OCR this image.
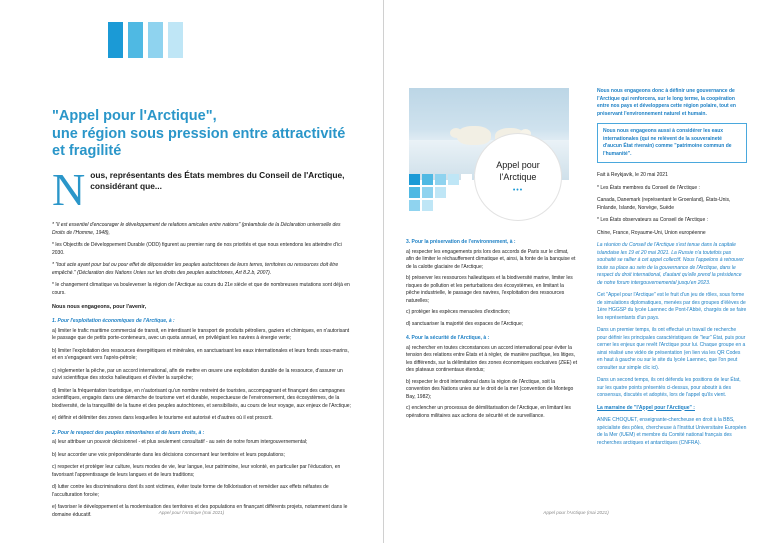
"Appel pour l'Arctique",
une région sous pression entre attractivité et fragilité
N ous, représentants des États membres du Conseil de l'Arctique, considérant que...

* "il est essentiel d'encourager le développement de relations amicales entre nations" (préambule de la Déclaration universelle des Droits de l'Homme, 1948),

* les Objectifs de Développement Durable (ODD) figurent au premier rang de nos priorités et que nous entendons les atteindre d'ici 2030.

* "tout acte ayant pour but ou pour effet de déposséder les peuples autochtones de leurs terres, territoires ou ressources doit être empêché." (Déclaration des Nations Unies sur les droits des peuples autochtones, Art 8.2.b, 2007).

* le changement climatique va bouleverser la région de l'Arctique au cours du 21e siècle et que de nombreuses mutations sont déjà en cours.

Nous nous engageons, pour l'avenir,

1. Pour l'exploitation économiques de l'Arctique, à :

a) limiter le trafic maritime commercial de transit, en interdisant le transport de produits pétroliers, gaziers et chimiques, en n'autorisant le passage que de petits porte-conteneurs, avec un quota annuel, en privilégiant les navires à énergie verte;

b) limiter l'exploitation des ressources énergétiques et minérales, en sanctuarisant les eaux internationales et leurs fonds sous-marins, et en s'engageant vers l'après-pétrole;

c) réglementer la pêche, par un accord international, afin de mettre en œuvre une exploitation durable de la ressource, d'assurer un suivi scientifique des stocks halieutiques et d'éviter la surpêche;

d) limiter la fréquentation touristique, en n'autorisant qu'un nombre restreint de touristes, accompagnant et finançant des campagnes scientifiques, engagés dans une démarche de tourisme vert et durable, respectueuse de l'environnement, des écosystèmes, de la biodiversité, de la tranquillité de la faune et des peuples autochtones, et sensibilisés, au cours de leur voyage, aux enjeux de l'Arctique;

e) définir et délimiter des zones dans lesquelles le tourisme est autorisé et d'autres où il est proscrit.

2. Pour le respect des peuples minoritaires et de leurs droits, à :

a) leur attribuer un pouvoir décisionnel - et plus seulement consultatif - au sein de notre forum intergouvernemental;

b) leur accorder une voix prépondérante dans les décisions concernant leur territoire et leurs populations;

c) respecter et protéger leur culture, leurs modes de vie, leur langue, leur patrimoine, leur volonté, en particulier par l'éducation, en favorisant l'apprentissage de leurs langues et de leurs traditions;

d) lutter contre les discriminations dont ils sont victimes, éviter toute forme de folklorisation et remédier aux effets néfastes de l'acculturation forcée;

e) favoriser le développement et la modernisation des territoires et des populations en finançant différents projets, notamment dans le domaine éducatif.	Appel pour l'Arctique (mai 2021)
Appel pour
l'Arctique
•••

3. Pour la préservation de l'environnement, à :

a) respecter les engagements pris lors des accords de Paris sur le climat, afin de limiter le réchauffement climatique et, ainsi, la fonte de la banquise et de la calotte glaciaire de l'Arctique;

b) préserver les ressources halieutiques et la biodiversité marine, limiter les risques de pollution et les perturbations des écosystèmes, en limitant la pêche industrielle, le passage des navires, l'exploitation des ressources naturelles;

c) protéger les espèces menacées d'extinction;

d) sanctuariser la majorité des espaces de l'Arctique;

4. Pour la sécurité de l'Arctique, à :

a) rechercher en toutes circonstances un accord international pour éviter la tension des relations entre États et à régler, de manière pacifique, les litiges, les différends, sur la délimitation des zones économiques exclusives (ZEE) et des plateaux continentaux étendus;

b) respecter le droit international dans la région de l'Arctique, soit la convention des Nations unies sur le droit de la mer (convention de Montego Bay, 1982);

c) enclencher un processus de démilitarisation de l'Arctique, en limitant les opérations militaires aux actions de sécurité et de surveillance.

Nous nous engageons donc à définir une gouvernance de l'Arctique qui renforcera, sur le long terme, la coopération entre nos pays et développera cette région polaire, tout en préservant l'environnement naturel et humain.

Nous nous engageons aussi à considérer les eaux internationales (qui ne relèvent de la souveraineté d'aucun État riverain) comme "patrimoine commun de l'humanité".

Fait à Reykjavik, le 20 mai 2021

* Les États membres du Conseil de l'Arctique :

Canada, Danemark (représentant le Groenland), États-Unis, Finlande, Islande, Norvège, Suède

* Les États observateurs au Conseil de l'Arctique :

Chine, France, Royaume-Uni, Union européenne

La réunion du Conseil de l'Arctique s'est tenue dans la capitale islandaise les 19 et 20 mai 2021. La Russie n'a toutefois pas souhaité se rallier à cet appel collectif. Nous l'appelons à retrouver toute sa place au sein de la gouvernance de l'Arctique, dans le respect du droit international, d'autant qu'elle prend la présidence de notre forum intergouvernemental jusqu'en 2023.

Cet "Appel pour l'Arctique" est le fruit d'un jeu de rôles, sous forme de simulations diplomatiques, menées par des groupes d'élèves de 1ère HGGSP du lycée Laennec de Pont-l'Abbé, chargés de se faire les représentants d'un pays.

Dans un premier temps, ils ont effectué un travail de recherche pour définir les principales caractéristiques de "leur" État, puis pour cerner les enjeux que revêt l'Arctique pour lui. Chaque groupe en a ainsi réalisé une vidéo de présentation (en lien via les QR Codes en haut à gauche ou sur le site du lycée Laennec, que l'on peut consulter sur simple clic ici).

Dans un second temps, ils ont défendu les positions de leur État, sur les quatre points présentés ci-dessus, pour aboutir à des consensus, discutés et adoptés, lors de l'appel qu'ils vient.

La marraine de "l'Appel pour l'Arctique" :

ANNE CHOQUET, enseignante-chercheuse en droit à la BBS, spécialiste des pôles, chercheuse à l'Institut Universitaire Européen de la Mer (IUEM) et membre du Comité national français des recherches arctiques et antarctiques (CNFRA).

Appel pour l'Arctique (mai 2021)
